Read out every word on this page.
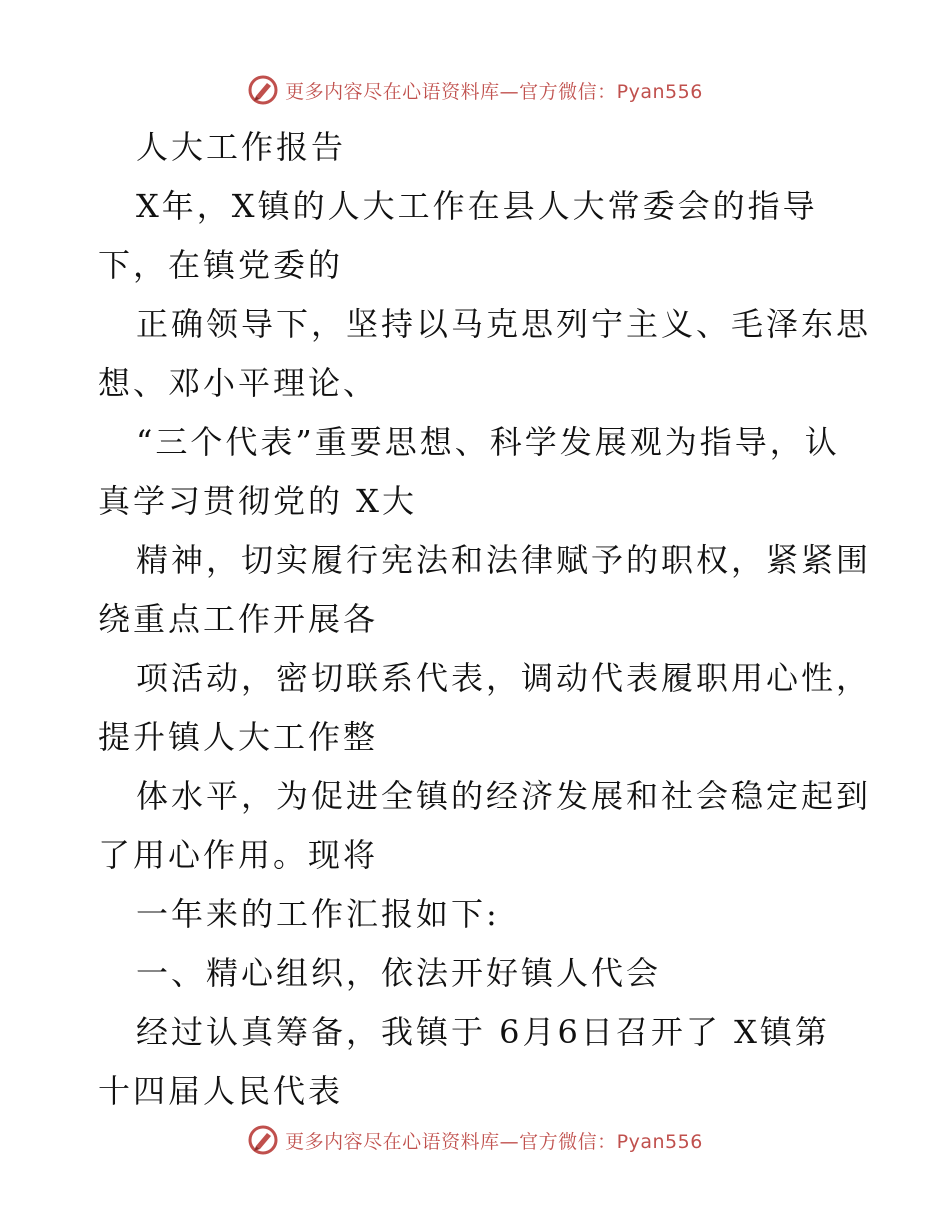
更多内容尽在心语资料库—官方微信：Pyan556
人大工作报告
X年，X镇的人大工作在县人大常委会的指导
下，在镇党委的
正确领导下，坚持以马克思列宁主义、毛泽东思
想、邓小平理论、
“三个代表”重要思想、科学发展观为指导，认
真学习贯彻党的 X大
精神，切实履行宪法和法律赋予的职权，紧紧围
绕重点工作开展各
项活动，密切联系代表，调动代表履职用心性，
提升镇人大工作整
体水平，为促进全镇的经济发展和社会稳定起到
了用心作用。现将
一年来的工作汇报如下:
一、精心组织，依法开好镇人代会
经过认真筹备，我镇于 6月6日召开了 X镇第
十四届人民代表
更多内容尽在心语资料库—官方微信：Pyan556
